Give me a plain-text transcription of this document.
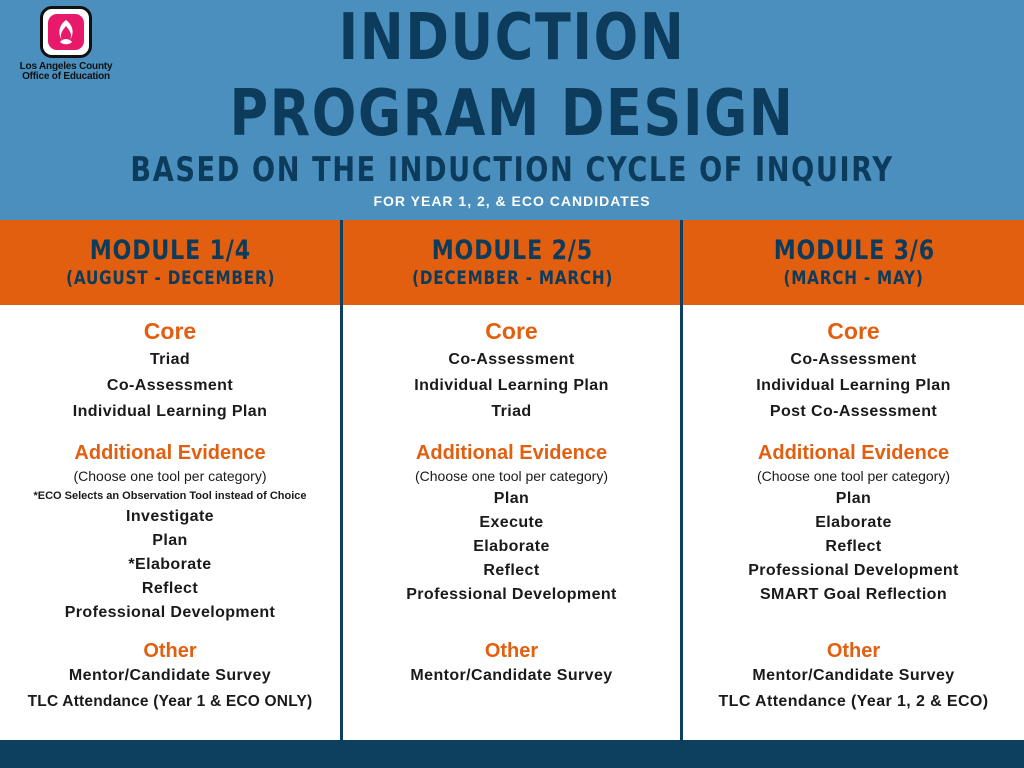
Los Angeles County
Office of Education
INDUCTION
PROGRAM DESIGN
BASED ON THE INDUCTION CYCLE OF INQUIRY
FOR YEAR 1, 2, & ECO CANDIDATES
MODULE 1/4
(AUGUST - DECEMBER)
MODULE 2/5
(DECEMBER - MARCH)
MODULE 3/6
(MARCH - MAY)
Core
Triad
Co-Assessment
Individual Learning Plan
Additional Evidence
(Choose one tool per category)
*ECO Selects an Observation Tool instead of Choice
Investigate
Plan
*Elaborate
Reflect
Professional Development
Other
Mentor/Candidate Survey
TLC Attendance (Year 1 & ECO ONLY)
Core
Co-Assessment
Individual Learning Plan
Triad
Additional Evidence
(Choose one tool per category)
Plan
Execute
Elaborate
Reflect
Professional Development
Other
Mentor/Candidate Survey
Core
Co-Assessment
Individual Learning Plan
Post Co-Assessment
Additional Evidence
(Choose one tool per category)
Plan
Elaborate
Reflect
Professional Development
SMART Goal Reflection
Other
Mentor/Candidate Survey
TLC Attendance (Year 1, 2 & ECO)
